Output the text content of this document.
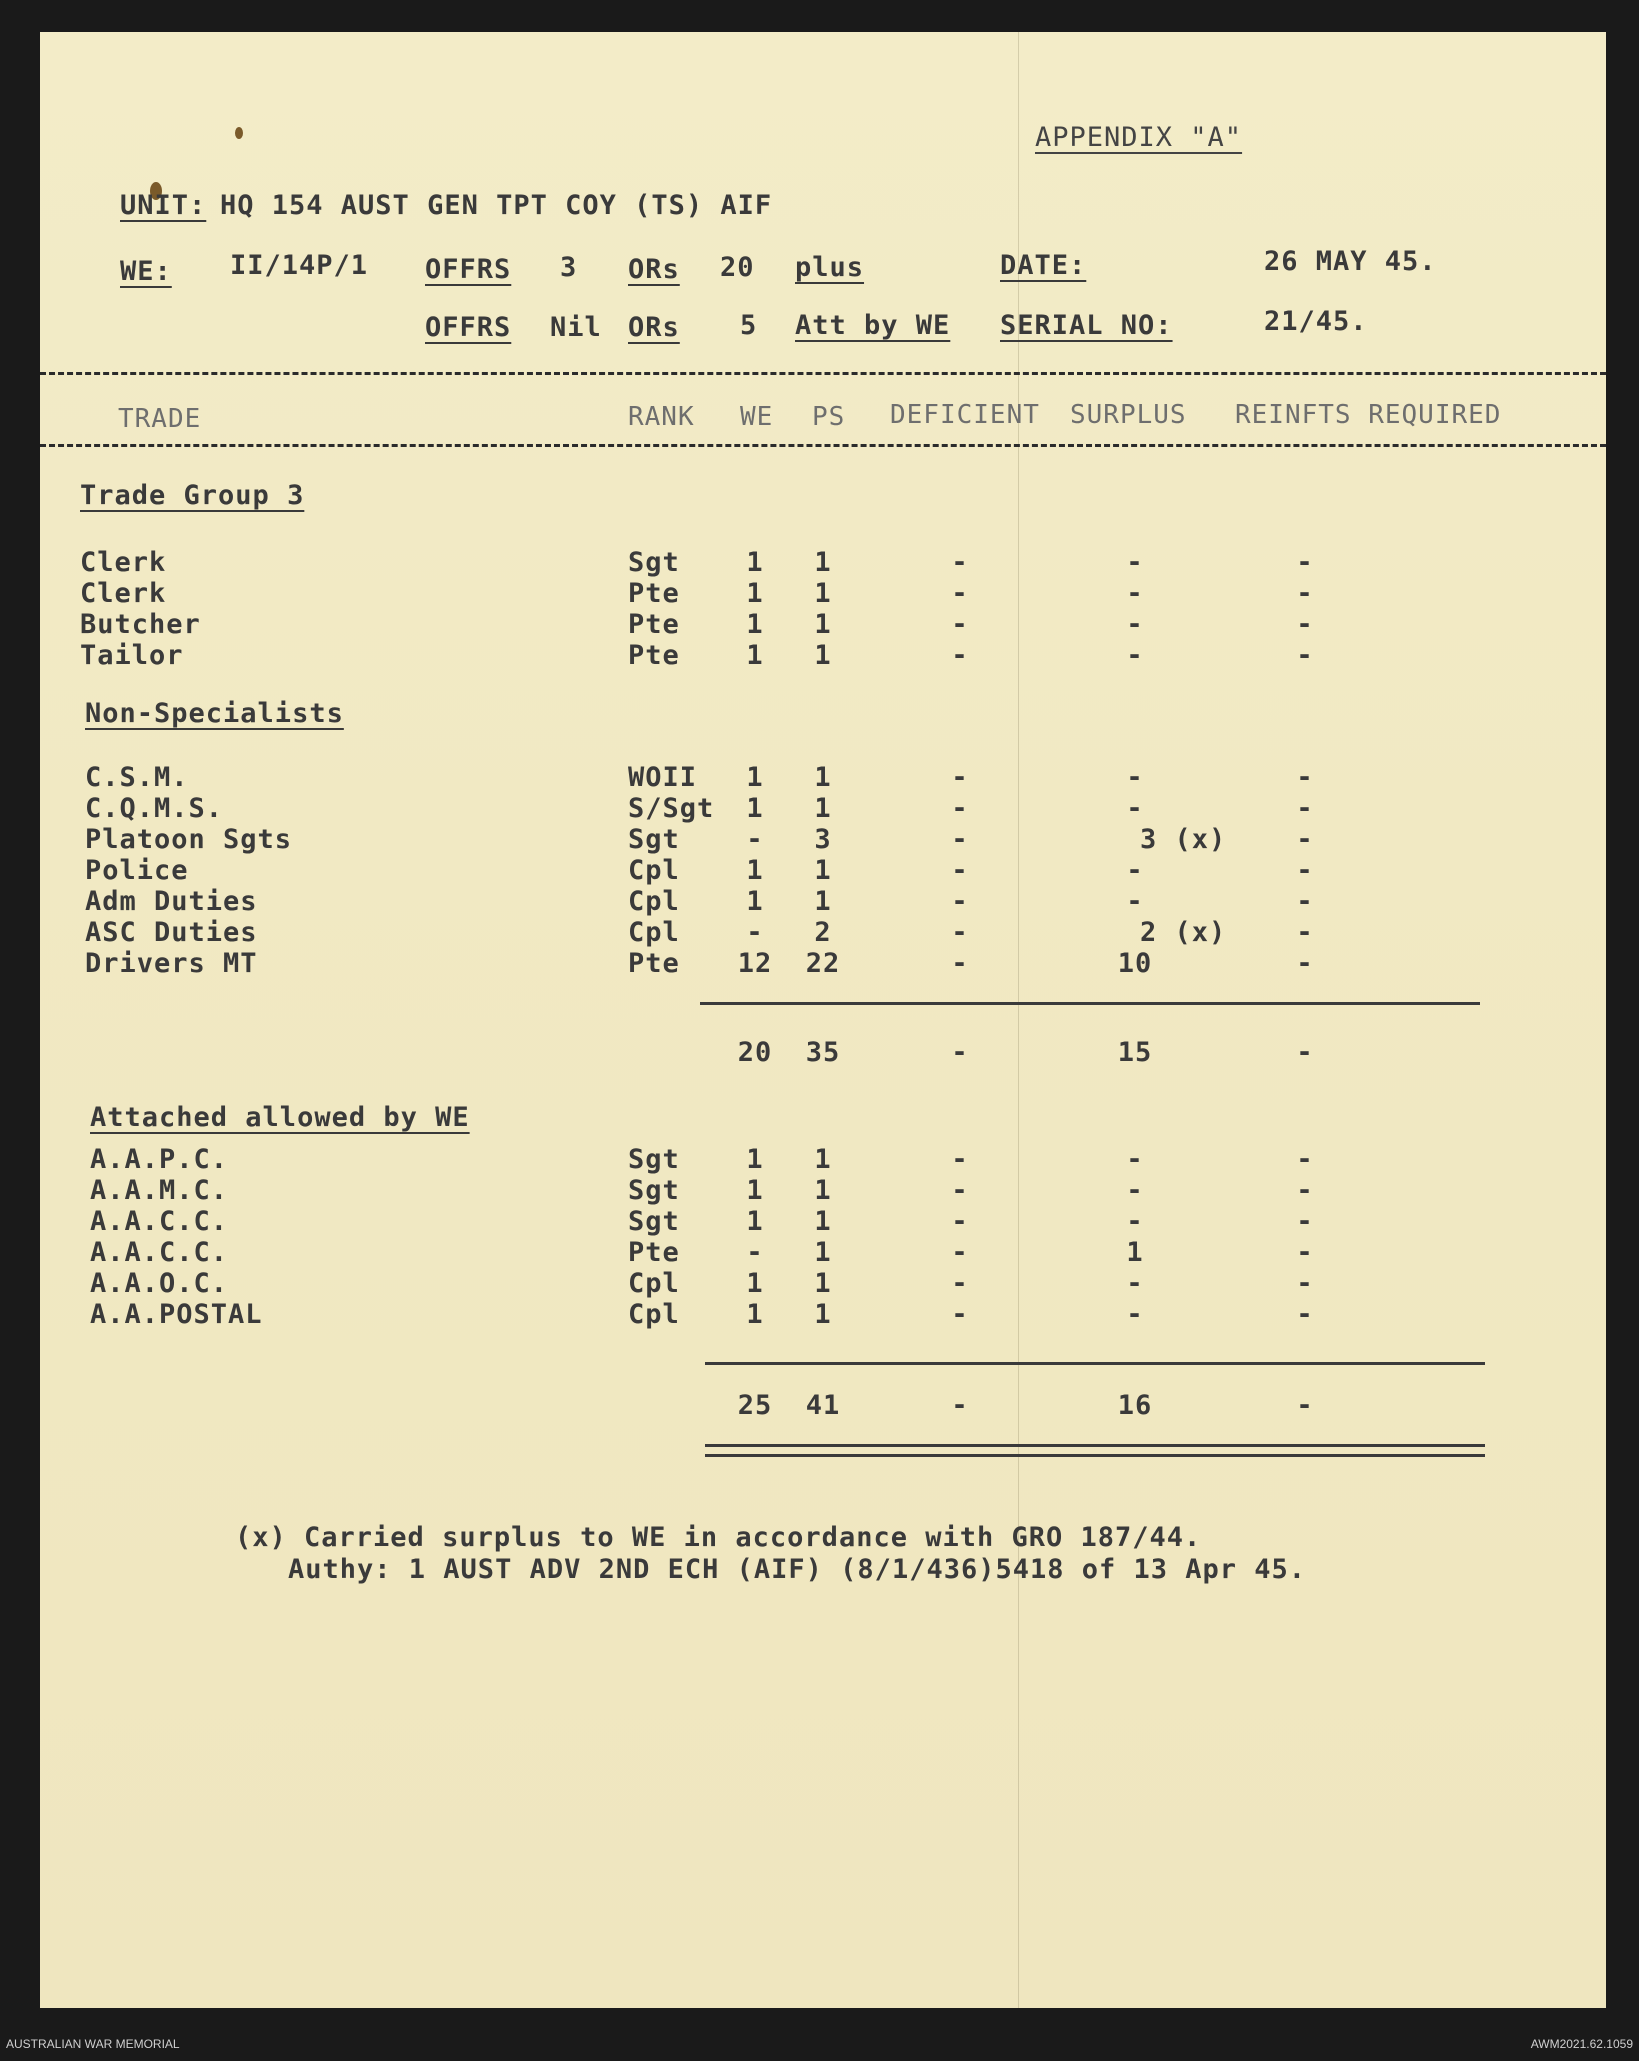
APPENDIX "A"
UNIT: HQ 154 AUST GEN TPT COY (TS) AIF
WE: II/14P/1 OFFRS 3 ORs 20 plus	DATE:	26 MAY 45.
OFFRS Nil ORs 5 Att by WE SERIAL NO:	21/45.
TRADE	RANK WE PS DEFICIENT SURPLUS REINFTS REQUIRED
Trade Group 3
Clerk	Sgt	1	1	-	-	-
Clerk	Pte	1	1	-	-	-
Butcher	Pte	1	1	-	-	-
Tailor	Pte	1	1	-	-	-
Non-Specialists
C.S.M.	WOII	1	1	-	-	-
C.Q.M.S.	S/Sgt	1	1	-	-	-
Platoon Sgts	Sgt	-	3	-	3 (x)	-
Police	Cpl	1	1	-	-	-
Adm Duties	Cpl	1	1	-	-	-
ASC Duties	Cpl	-	2	-	2 (x)	-
Drivers MT	Pte	12	22	-	10	-
20	35	-	15	-
Attached allowed by WE
A.A.P.C.	Sgt	1	1	-	-	-
A.A.M.C.	Sgt	1	1	-	-	-
A.A.C.C.	Sgt	1	1	-	-	-
A.A.C.C.	Pte	-	1	-	1	-
A.A.O.C.	Cpl	1	1	-	-	-
A.A.POSTAL	Cpl	1	1	-	-	-
25	41	-	16	-
(x) Carried surplus to WE in accordance with GRO 187/44.
Authy: 1 AUST ADV 2ND ECH (AIF) (8/1/436)5418 of 13 Apr 45.
AUSTRALIAN WAR MEMORIAL	AWM2021.62.1059
